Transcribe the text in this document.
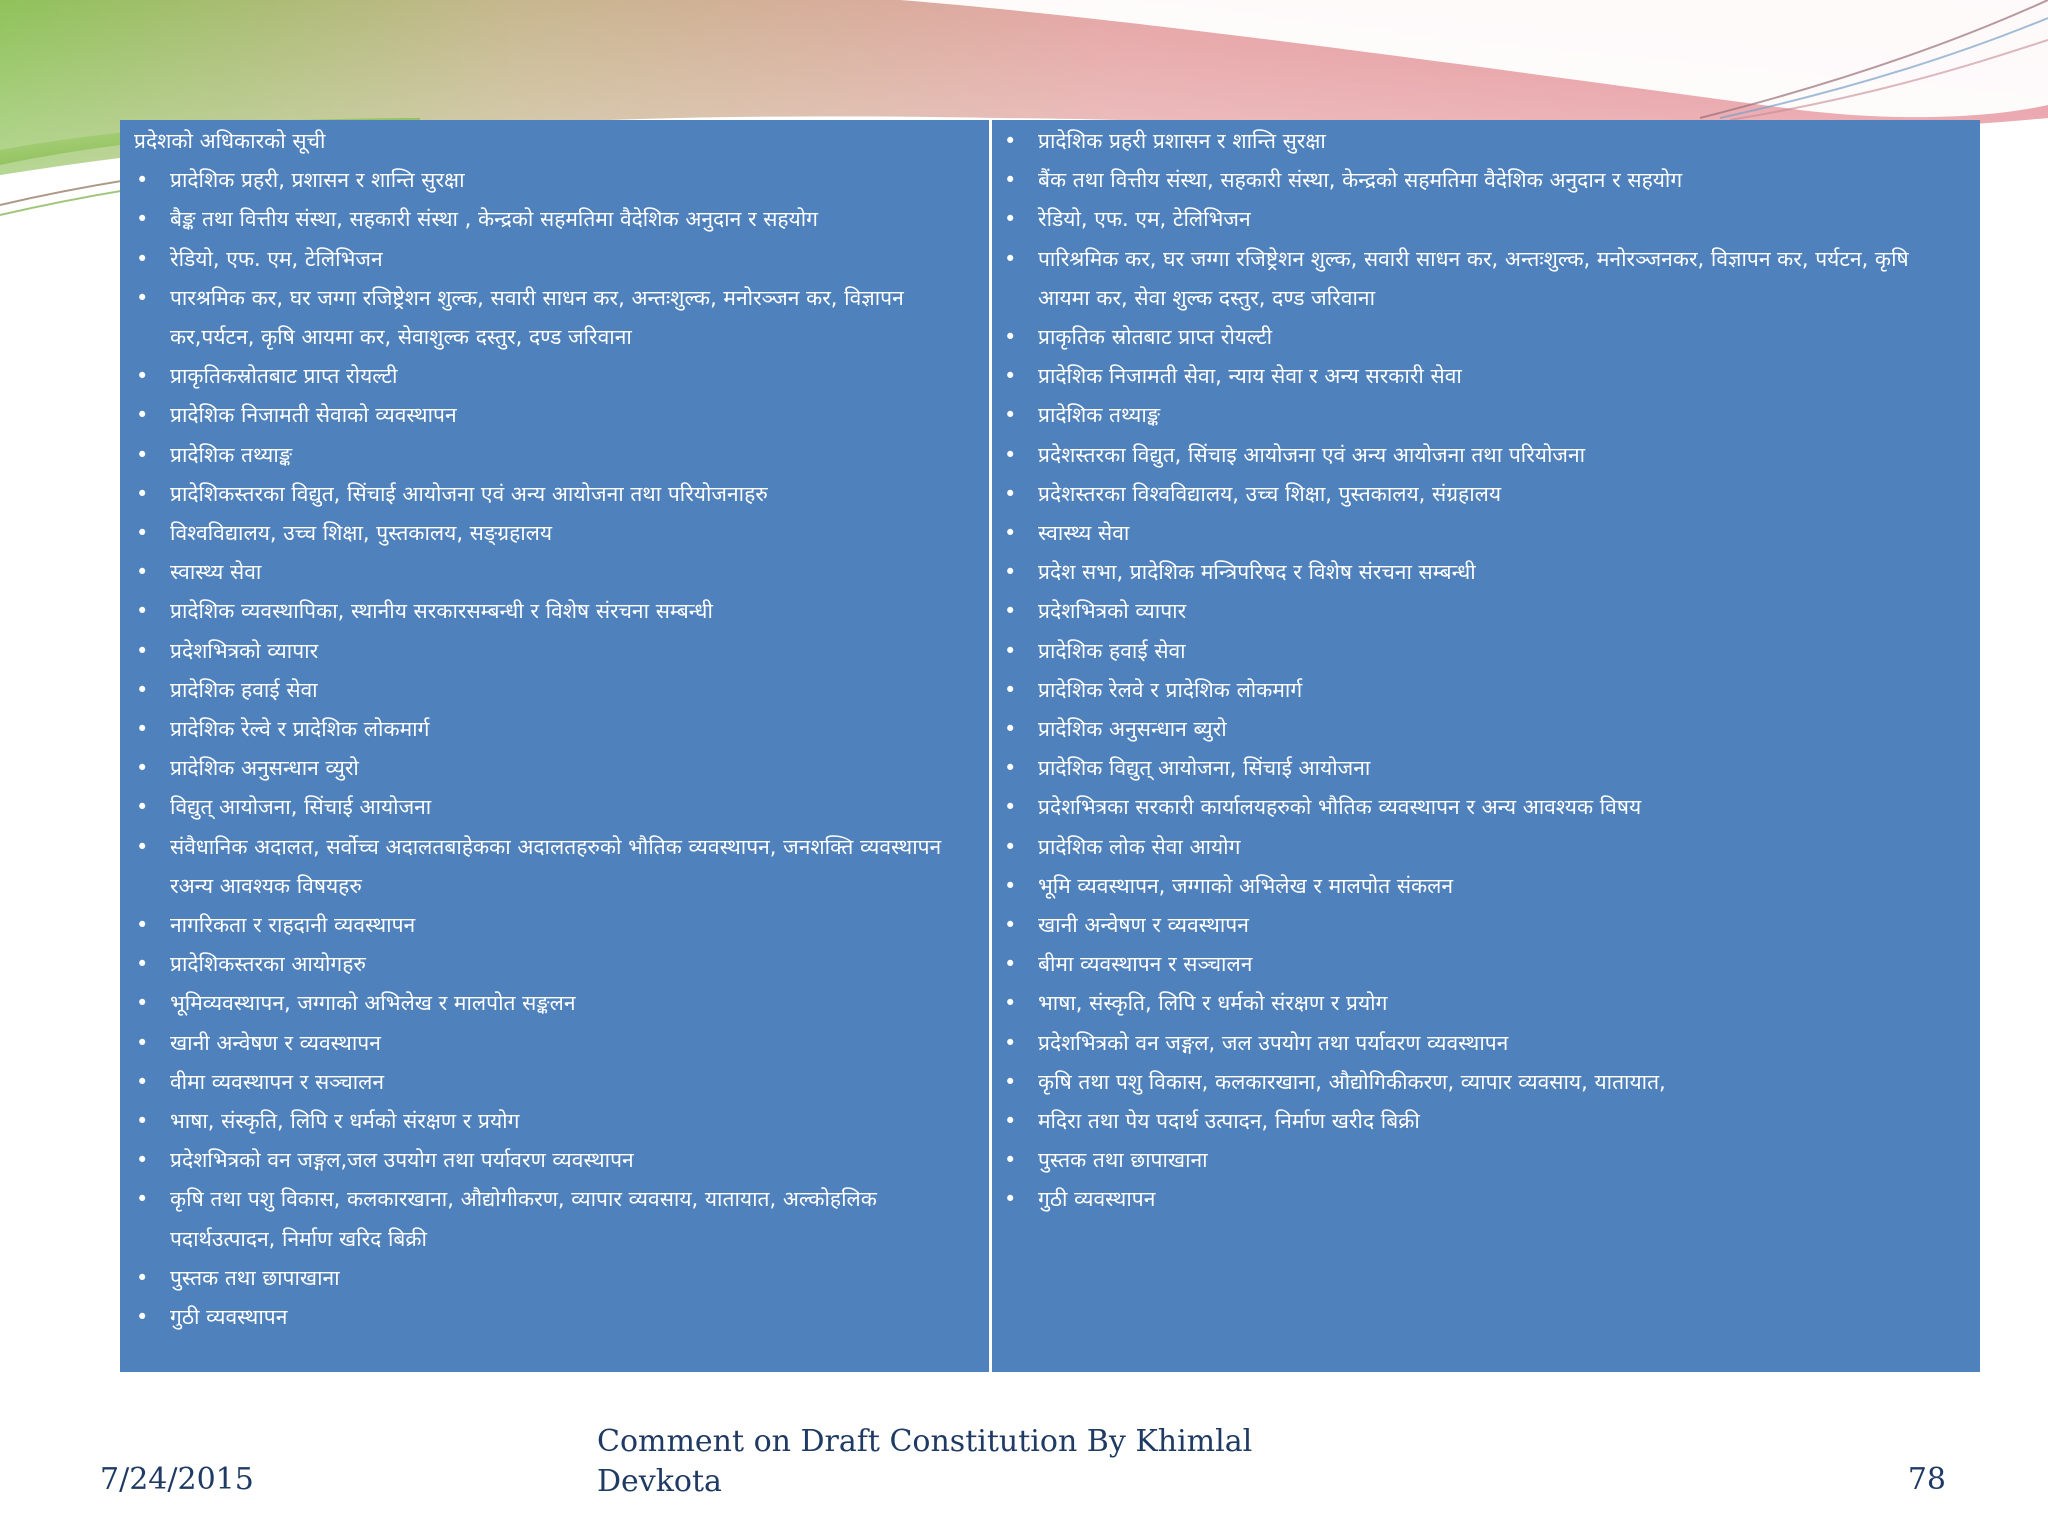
प्रदेशको अधिकारको सूची
•	प्रादेशिक प्रहरी, प्रशासन र शान्ति सुरक्षा
•	बैङ्क तथा वित्तीय संस्था, सहकारी संस्था , केन्द्रको सहमतिमा वैदेशिक अनुदान र सहयोग
•	रेडियो, एफ. एम, टेलिभिजन
•	पारश्रमिक कर, घर जग्गा रजिष्ट्रेशन शुल्क, सवारी साधन कर, अन्तःशुल्क, मनोरञ्जन कर, विज्ञापन कर,पर्यटन, कृषि आयमा कर, सेवाशुल्क दस्तुर, दण्ड जरिवाना
•	प्राकृतिकस्रोतबाट प्राप्त रोयल्टी
•	प्रादेशिक निजामती सेवाको व्यवस्थापन
•	प्रादेशिक तथ्याङ्क
•	प्रादेशिकस्तरका विद्युत, सिंचाई आयोजना एवं अन्य आयोजना तथा परियोजनाहरु
•	विश्वविद्यालय, उच्च शिक्षा, पुस्तकालय, सङ्ग्रहालय
•	स्वास्थ्य सेवा
•	प्रादेशिक व्यवस्थापिका, स्थानीय सरकारसम्बन्धी र विशेष संरचना सम्बन्धी
•	प्रदेशभित्रको व्यापार
•	प्रादेशिक हवाई सेवा
•	प्रादेशिक रेल्वे र प्रादेशिक लोकमार्ग
•	प्रादेशिक अनुसन्धान व्युरो
•	विद्युत् आयोजना, सिंचाई आयोजना
•	संवैधानिक अदालत, सर्वोच्च अदालतबाहेकका अदालतहरुको भौतिक व्यवस्थापन, जनशक्ति व्यवस्थापन रअन्य आवश्यक विषयहरु
•	नागरिकता र राहदानी व्यवस्थापन
•	प्रादेशिकस्तरका आयोगहरु
•	भूमिव्यवस्थापन, जग्गाको अभिलेख र मालपोत सङ्कलन
•	खानी अन्वेषण र व्यवस्थापन
•	वीमा व्यवस्थापन र सञ्चालन
•	भाषा, संस्कृति, लिपि र धर्मको संरक्षण र प्रयोग
•	प्रदेशभित्रको वन जङ्गल,जल उपयोग तथा पर्यावरण व्यवस्थापन
•	कृषि तथा पशु विकास, कलकारखाना, औद्योगीकरण, व्यापार व्यवसाय, यातायात, अल्कोहलिक पदार्थउत्पादन, निर्माण खरिद बिक्री
•	पुस्तक तथा छापाखाना
•	गुठी व्यवस्थापन
•	प्रादेशिक प्रहरी प्रशासन र शान्ति सुरक्षा
•	बैंक तथा वित्तीय संस्था, सहकारी संस्था, केन्द्रको सहमतिमा वैदेशिक अनुदान र सहयोग
•	रेडियो, एफ. एम, टेलिभिजन
•	पारिश्रमिक कर, घर जग्गा रजिष्ट्रेशन शुल्क, सवारी साधन कर, अन्तःशुल्क, मनोरञ्जनकर, विज्ञापन कर, पर्यटन, कृषि आयमा कर, सेवा शुल्क दस्तुर, दण्ड जरिवाना
•	प्राकृतिक स्रोतबाट प्राप्त रोयल्टी
•	प्रादेशिक निजामती सेवा, न्याय सेवा र अन्य सरकारी सेवा
•	प्रादेशिक तथ्याङ्क
•	प्रदेशस्तरका विद्युत, सिंचाइ आयोजना एवं अन्य आयोजना तथा परियोजना
•	प्रदेशस्तरका विश्वविद्यालय, उच्च शिक्षा, पुस्तकालय, संग्रहालय
•	स्वास्थ्य सेवा
•	प्रदेश सभा, प्रादेशिक मन्त्रिपरिषद र विशेष संरचना सम्बन्धी
•	प्रदेशभित्रको व्यापार
•	प्रादेशिक हवाई सेवा
•	प्रादेशिक रेलवे र प्रादेशिक लोकमार्ग
•	प्रादेशिक अनुसन्धान ब्युरो
•	प्रादेशिक विद्युत् आयोजना, सिंचाई आयोजना
•	प्रदेशभित्रका सरकारी कार्यालयहरुको भौतिक व्यवस्थापन र अन्य आवश्यक विषय
•	प्रादेशिक लोक सेवा आयोग
•	भूमि व्यवस्थापन, जग्गाको अभिलेख र मालपोत संकलन
•	खानी अन्वेषण र व्यवस्थापन
•	बीमा व्यवस्थापन र सञ्चालन
•	भाषा, संस्कृति, लिपि र धर्मको संरक्षण र प्रयोग
•	प्रदेशभित्रको वन जङ्गल, जल उपयोग तथा पर्यावरण व्यवस्थापन
•	कृषि तथा पशु विकास, कलकारखाना, औद्योगिकीकरण, व्यापार व्यवसाय, यातायात,
•	मदिरा तथा पेय पदार्थ उत्पादन, निर्माण खरीद बिक्री
•	पुस्तक तथा छापाखाना
•	गुठी व्यवस्थापन
7/24/2015
Comment on Draft Constitution By Khimlal Devkota	78
